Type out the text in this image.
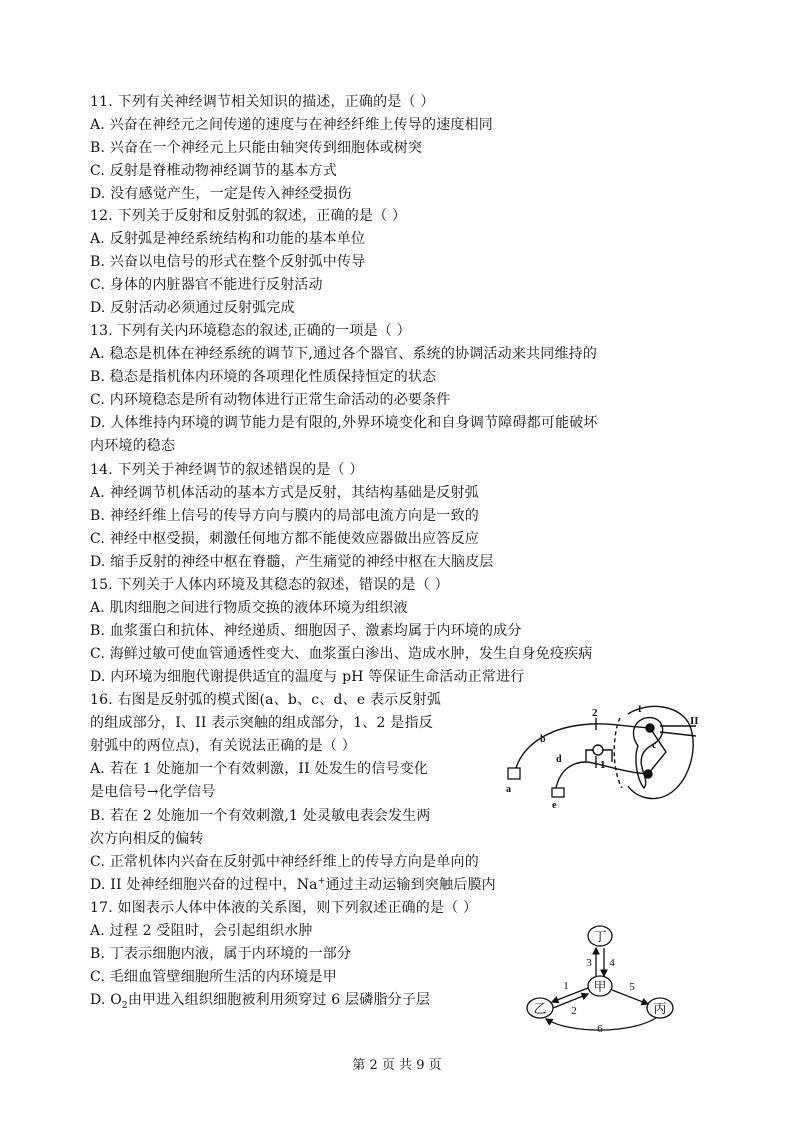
11. 下列有关神经调节相关知识的描述，正确的是（ ）
A. 兴奋在神经元之间传递的速度与在神经纤维上传导的速度相同
B. 兴奋在一个神经元上只能由轴突传到细胞体或树突
C. 反射是脊椎动物神经调节的基本方式
D. 没有感觉产生，一定是传入神经受损伤
12. 下列关于反射和反射弧的叙述，正确的是（ ）
A. 反射弧是神经系统结构和功能的基本单位
B. 兴奋以电信号的形式在整个反射弧中传导
C. 身体的内脏器官不能进行反射活动
D. 反射活动必须通过反射弧完成
13. 下列有关内环境稳态的叙述,正确的一项是（ ）
A. 稳态是机体在神经系统的调节下,通过各个器官、系统的协调活动来共同维持的
B. 稳态是指机体内环境的各项理化性质保持恒定的状态
C. 内环境稳态是所有动物体进行正常生命活动的必要条件
D. 人体维持内环境的调节能力是有限的,外界环境变化和自身调节障碍都可能破坏
内环境的稳态
14. 下列关于神经调节的叙述错误的是（ ）
A. 神经调节机体活动的基本方式是反射，其结构基础是反射弧
B. 神经纤维上信号的传导方向与膜内的局部电流方向是一致的
C. 神经中枢受损，刺激任何地方都不能使效应器做出应答反应
D. 缩手反射的神经中枢在脊髓，产生痛觉的神经中枢在大脑皮层
15. 下列关于人体内环境及其稳态的叙述，错误的是（ ）
A. 肌肉细胞之间进行物质交换的液体环境为组织液
B. 血浆蛋白和抗体、神经递质、细胞因子、激素均属于内环境的成分
C. 海鲜过敏可使血管通透性变大、血浆蛋白渗出、造成水肿，发生自身免疫疾病
D. 内环境为细胞代谢提供适宜的温度与 pH 等保证生命活动正常进行
16. 右图是反射弧的模式图(a、b、c、d、e 表示反射弧
的组成部分，I、II 表示突触的组成部分，1、2 是指反
射弧中的两位点)，有关说法正确的是（ ）
A. 若在 1 处施加一个有效刺激，II 处发生的信号变化
是电信号→化学信号
B. 若在 2 处施加一个有效刺激,1 处灵敏电表会发生两
次方向相反的偏转
C. 正常机体内兴奋在反射弧中神经纤维上的传导方向是单向的
D. II 处神经细胞兴奋的过程中，Na+通过主动运输到突触后膜内
a
b
c
d
e
2
1
I
II
17. 如图表示人体中体液的关系图，则下列叙述正确的是（ ）
A. 过程 2 受阻时，会引起组织水肿
B. 丁表示细胞内液，属于内环境的一部分
C. 毛细血管壁细胞所生活的内环境是甲
D. $O_2$由甲进入组织细胞被利用须穿过 6 层磷脂分子层
丁
甲
乙	丙
1
2
3 4
5
6
第 2 页 共 9 页
